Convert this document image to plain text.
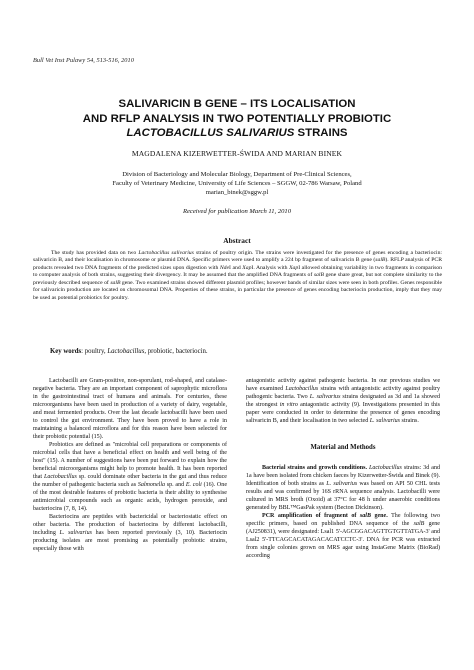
Bull Vet Inst Pulawy 54, 513-516, 2010
SALIVARICIN B GENE – ITS LOCALISATION
AND RFLP ANALYSIS IN TWO POTENTIALLY PROBIOTIC
LACTOBACILLUS SALIVARIUS STRAINS
MAGDALENA KIZERWETTER-ŚWIDA AND MARIAN BINEK
Division of Bacteriology and Molecular Biology, Department of Pre-Clinical Sciences,
Faculty of Veterinary Medicine, University of Life Sciences – SGGW, 02-786 Warsaw, Poland
marian_binek@sggw.pl
Received for publication March 11, 2010
Abstract
The study has provided data on two Lactobacillus salivarius strains of poultry origin. The strains were investigated for the presence of genes encoding a bacteriocin: salivaricin B, and their localisation in chromosome or plasmid DNA. Specific primers were used to amplify a 224 bp fragment of salivaricin B gene (salB). RFLP analysis of PCR products revealed two DNA fragments of the predicted sizes upon digestion with NdeI and XapI. Analysis with XapI allowed obtaining variability in two fragments in comparison to computer analysis of both strains, suggesting their divergency. It may be assumed that the amplified DNA fragments of salB gene share great, but not complete similarity to the previously described sequence of salB gene. Two examined strains showed different plasmid profiles; however bands of similar sizes were seen in both profiles. Genes responsible for salivaricin production are located on chromosomal DNA. Properties of these strains, in particular the presence of genes encoding bacteriocin production, imply that they may be used as potential probiotics for poultry.
Key words: poultry, Lactobacillus, probiotic, bacteriocin.

Lactobacilli are Gram-positive, non-sporulant, rod-shaped, and catalase-negative bacteria. They are an important component of saprophytic microflora in the gastrointestinal tract of humans and animals. For centuries, these microorganisms have been used in production of a variety of dairy, vegetable, and meat fermented products. Over the last decade lactobacilli have been used to control the gut environment. They have been proved to have a role in maintaining a balanced microflora and for this reason have been selected for their probiotic potential (15).

Probiotics are defined as "microbial cell preparations or components of microbial cells that have a beneficial effect on health and well being of the host" (15). A number of suggestions have been put forward to explain how the beneficial microorganisms might help to promote health. It has been reported that Lactobacillus sp. could dominate other bacteria in the gut and thus reduce the number of pathogenic bacteria such as Salmonella sp. and E. coli (16). One of the most desirable features of probiotic bacteria is their ability to synthesise antimicrobial compounds such as organic acids, hydrogen peroxide, and bacteriocins (7, 8, 14).

Bacteriocins are peptides with bactericidal or bacteriostatic effect on other bacteria. The production of bacteriocins by different lactobacilli, including L. salivarius has been reported previously (3, 10). Bacteriocin producing isolates are most promising as potentially probiotic strains, especially those with

antagonistic activity against pathogenic bacteria. In our previous studies we have examined Lactobacillus strains with antagonistic activity against poultry pathogenic bacteria. Two L. salivarius strains designated as 3d and 1a showed the strongest in vitro antagonistic activity (9). Investigations presented in this paper were conducted in order to determine the presence of genes encoding salivaricin B, and their localisation in two selected L. salivarius strains.

Material and Methods

Bacterial strains and growth conditions. Lactobacillus strains: 3d and 1a have been isolated from chicken faeces by Kizerwetter-Świda and Binek (9). Identification of both strains as L. salivarius was based on API 50 CHL tests results and was confirmed by 16S rRNA sequence analysis. Lactobacilli were cultured in MRS broth (Oxoid) at 37°C for 48 h under anaerobic conditions generated by BBL™GasPak system (Becton Dickinson).

PCR amplification of fragment of salB gene. The following two specific primers, based on published DNA sequence of the salB gene (AJ250831), were designated: Lsal1 5'-AGCGGACAGTTGTGTTATGA-3' and Lsal2 5'-TTCAGCACATAGACACATCCTC-3'. DNA for PCR was extracted from single colonies grown on MRS agar using InstaGene Matrix (BioRad) according
